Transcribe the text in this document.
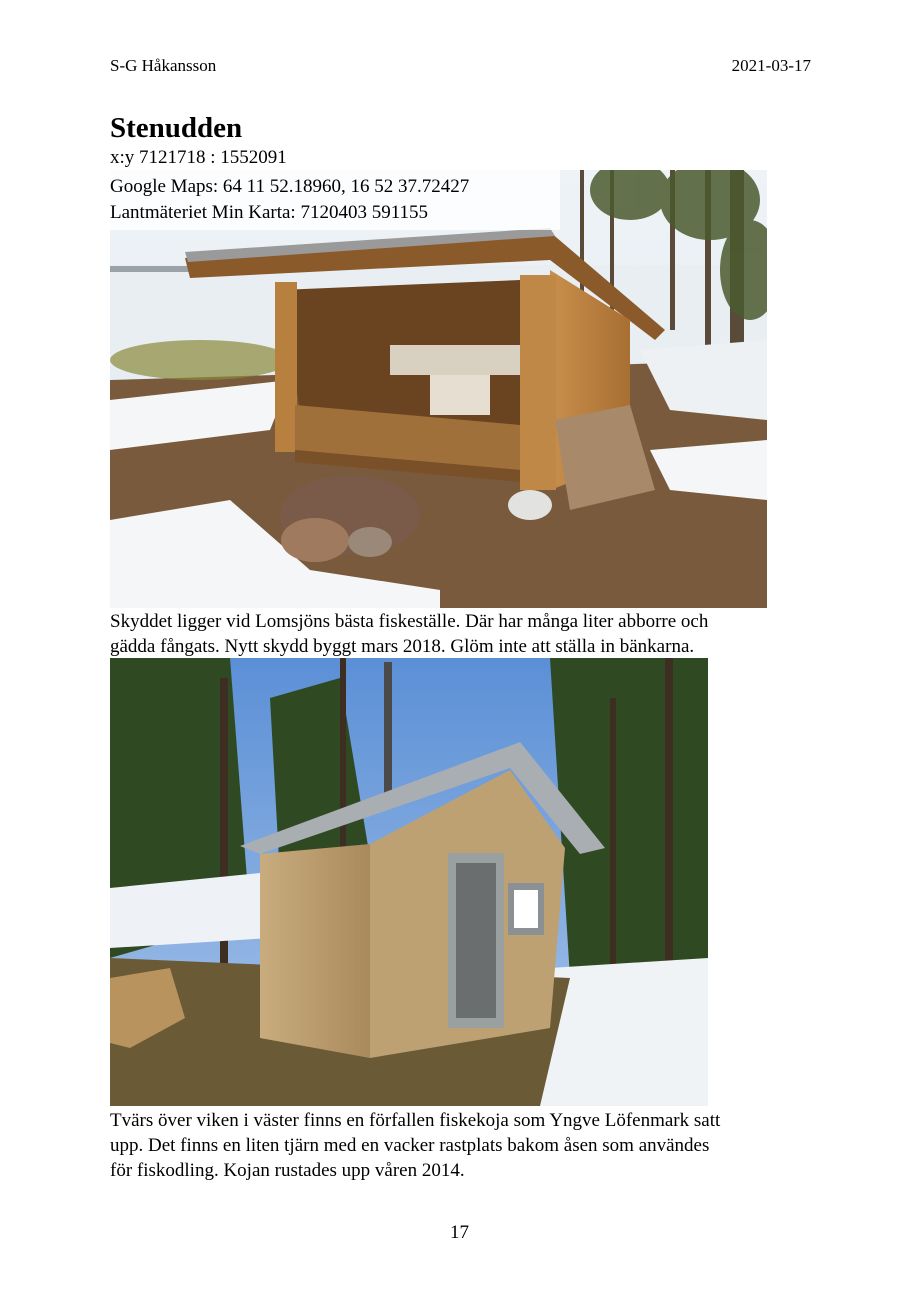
S-G Håkansson	2021-03-17
Stenudden
x:y 7121718 : 1552091
Google Maps: 64 11 52.18960, 16 52 37.72427
Lantmäteriet Min Karta: 7120403 591155
Skyddet ligger vid Lomsjöns bästa fiskeställe. Där har många liter abborre och
gädda fångats. Nytt skydd byggt mars 2018. Glöm inte att ställa in bänkarna.
Tvärs över viken i väster finns en förfallen fiskekoja som Yngve Löfenmark satt
upp. Det finns en liten tjärn med en vacker rastplats bakom åsen som användes
för fiskodling. Kojan rustades upp våren 2014.
17
